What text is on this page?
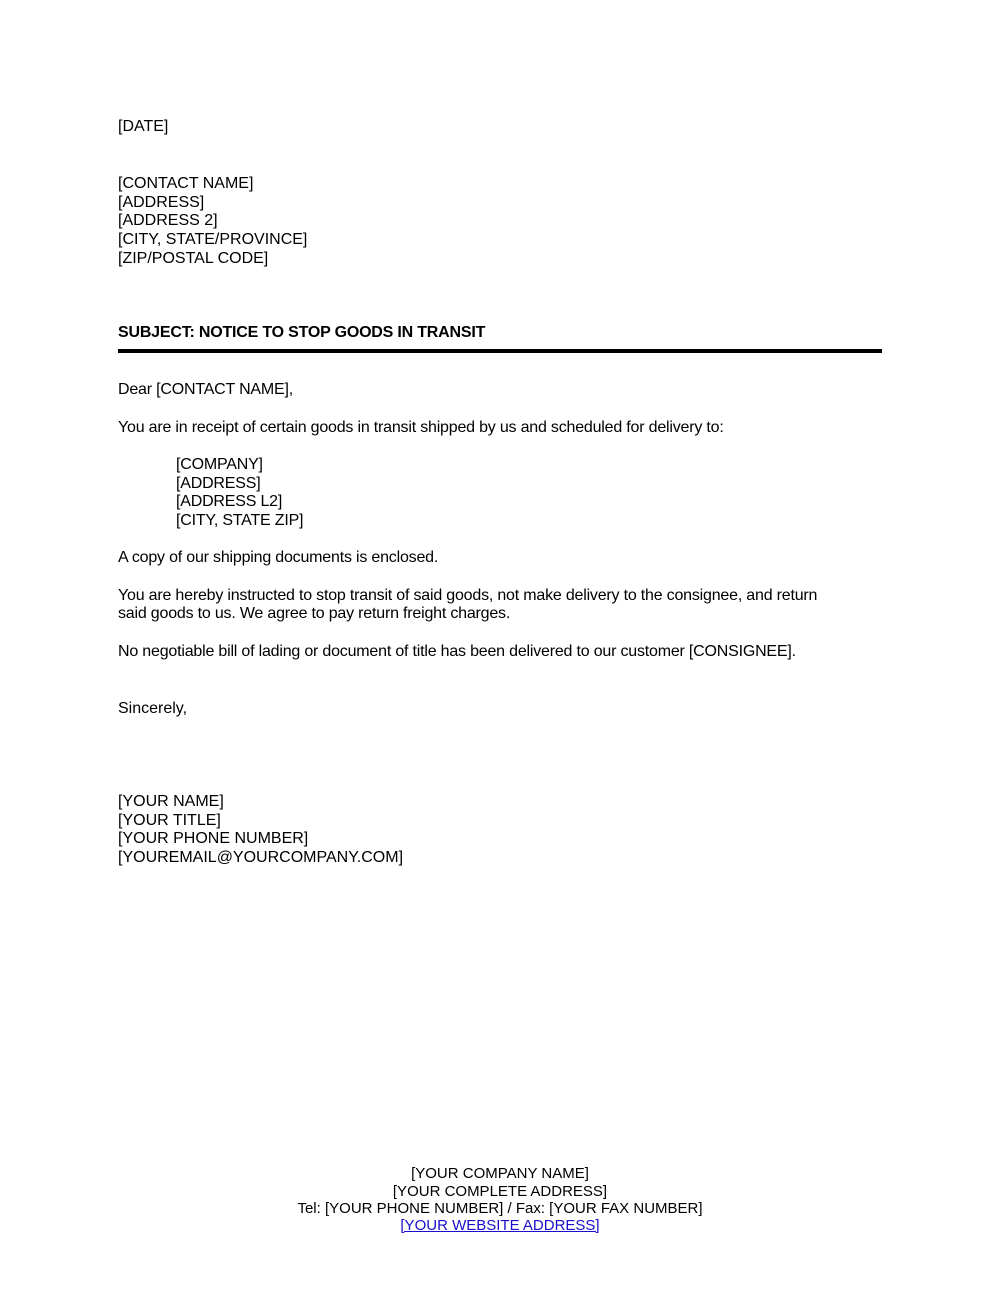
[DATE]
[CONTACT NAME]
[ADDRESS]
[ADDRESS 2]
[CITY, STATE/PROVINCE]
[ZIP/POSTAL CODE]
SUBJECT: NOTICE TO STOP GOODS IN TRANSIT
Dear [CONTACT NAME],
You are in receipt of certain goods in transit shipped by us and scheduled for delivery to:
[COMPANY]
[ADDRESS]
[ADDRESS L2]
[CITY, STATE ZIP]
A copy of our shipping documents is enclosed.
You are hereby instructed to stop transit of said goods, not make delivery to the consignee, and return
said goods to us. We agree to pay return freight charges.
No negotiable bill of lading or document of title has been delivered to our customer [CONSIGNEE].
Sincerely,
[YOUR NAME]
[YOUR TITLE]
[YOUR PHONE NUMBER]
[YOUREMAIL@YOURCOMPANY.COM]
[YOUR COMPANY NAME]
[YOUR COMPLETE ADDRESS]
Tel: [YOUR PHONE NUMBER] / Fax: [YOUR FAX NUMBER]
[YOUR WEBSITE ADDRESS]
